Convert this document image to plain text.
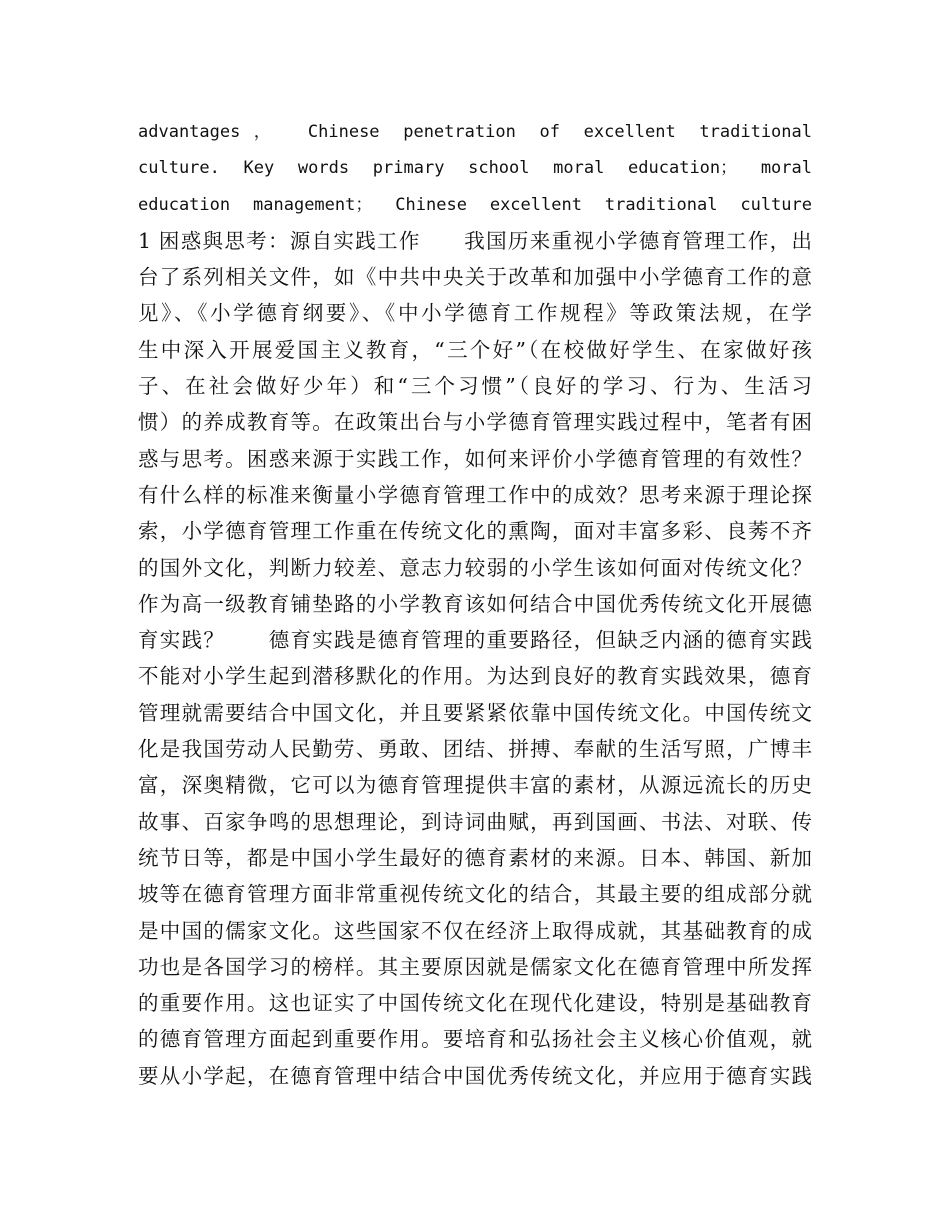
advantages， Chinese penetration of excellent traditional
culture. Key words primary school moral education； moral
education management； Chinese excellent traditional culture
1 困惑與思考：源自实践工作　　我国历来重视小学德育管理工作，出
台了系列相关文件，如《中共中央关于改革和加强中小学德育工作的意
见》、《小学德育纲要》、《中小学德育工作规程》等政策法规，在学
生中深入开展爱国主义教育，“三个好”（在校做好学生、在家做好孩
子、在社会做好少年）和“三个习惯”（良好的学习、行为、生活习
惯）的养成教育等。在政策出台与小学德育管理实践过程中，笔者有困
惑与思考。困惑来源于实践工作，如何来评价小学德育管理的有效性？
有什么样的标准来衡量小学德育管理工作中的成效？思考来源于理论探
索，小学德育管理工作重在传统文化的熏陶，面对丰富多彩、良莠不齐
的国外文化，判断力较差、意志力较弱的小学生该如何面对传统文化？
作为高一级教育铺垫路的小学教育该如何结合中国优秀传统文化开展德
育实践？　　德育实践是德育管理的重要路径，但缺乏内涵的德育实践
不能对小学生起到潜移默化的作用。为达到良好的教育实践效果，德育
管理就需要结合中国文化，并且要紧紧依靠中国传统文化。中国传统文
化是我国劳动人民勤劳、勇敢、团结、拼搏、奉献的生活写照，广博丰
富，深奥精微，它可以为德育管理提供丰富的素材，从源远流长的历史
故事、百家争鸣的思想理论，到诗词曲赋，再到国画、书法、对联、传
统节日等，都是中国小学生最好的德育素材的来源。日本、韩国、新加
坡等在德育管理方面非常重视传统文化的结合，其最主要的组成部分就
是中国的儒家文化。这些国家不仅在经济上取得成就，其基础教育的成
功也是各国学习的榜样。其主要原因就是儒家文化在德育管理中所发挥
的重要作用。这也证实了中国传统文化在现代化建设，特别是基础教育
的德育管理方面起到重要作用。要培育和弘扬社会主义核心价值观，就
要从小学起，在德育管理中结合中国优秀传统文化，并应用于德育实践
